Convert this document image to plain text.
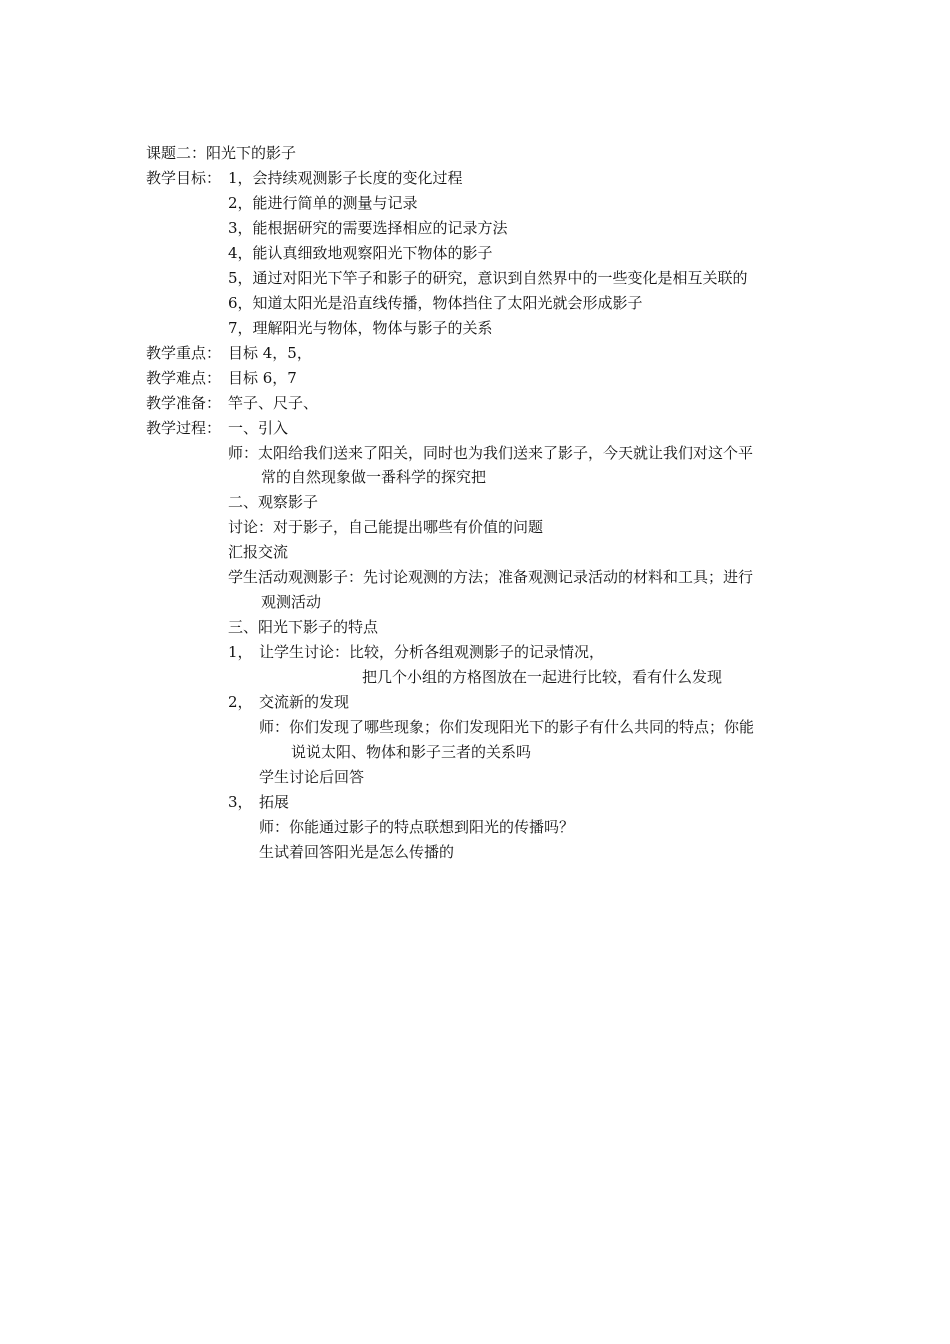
课题二：阳光下的影子
教学目标： 1，会持续观测影子长度的变化过程
2，能进行简单的测量与记录
3，能根据研究的需要选择相应的记录方法
4，能认真细致地观察阳光下物体的影子
5，通过对阳光下竿子和影子的研究，意识到自然界中的一些变化是相互关联的
6，知道太阳光是沿直线传播，物体挡住了太阳光就会形成影子
7，理解阳光与物体，物体与影子的关系
教学重点： 目标 4，5，
教学难点： 目标 6，7
教学准备： 竿子、尺子、
教学过程： 一、引入
师：太阳给我们送来了阳关，同时也为我们送来了影子，今天就让我们对这个平
常的自然现象做一番科学的探究把
二、观察影子
讨论：对于影子，自己能提出哪些有价值的问题
汇报交流
学生活动观测影子：先讨论观测的方法；准备观测记录活动的材料和工具；进行
观测活动
三、阳光下影子的特点
1， 让学生讨论：比较，分析各组观测影子的记录情况，
把几个小组的方格图放在一起进行比较，看有什么发现
2， 交流新的发现
师：你们发现了哪些现象；你们发现阳光下的影子有什么共同的特点；你能
说说太阳、物体和影子三者的关系吗
学生讨论后回答
3， 拓展
师：你能通过影子的特点联想到阳光的传播吗？
生试着回答阳光是怎么传播的
